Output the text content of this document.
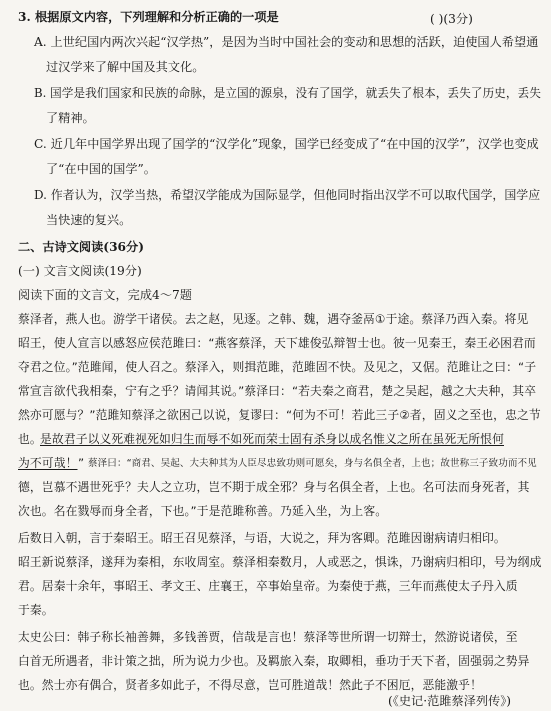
3. 根据原文内容，下列理解和分析正确的一项是	( )(3分)
A. 上世纪国内两次兴起“汉学热”，是因为当时中国社会的变动和思想的活跃，迫使国人希望通
过汉学来了解中国及其文化。
B. 国学是我们国家和民族的命脉，是立国的源泉，没有了国学，就丢失了根本，丢失了历史，丢失
了精神。
C. 近几年中国学界出现了国学的“汉学化”现象，国学已经变成了“在中国的汉学”，汉学也变成
了“在中国的国学”。
D. 作者认为，汉学当热，希望汉学能成为国际显学，但他同时指出汉学不可以取代国学，国学应
当快速的复兴。
二、古诗文阅读(36分)
(一) 文言文阅读(19分)
阅读下面的文言文，完成4～7题
蔡泽者，燕人也。游学干诸侯。去之赵，见逐。之韩、魏，遇夺釜鬲①于途。蔡泽乃西入秦。将见
昭王，使人宣言以感怒应侯范雎曰：“燕客蔡泽，天下雄俊弘辩智士也。彼一见秦王，秦王必困君而
夺君之位。”范雎闻，使人召之。蔡泽入，则揖范雎，范雎固不快。及见之，又倨。范雎让之曰：“子
常宣言欲代我相秦，宁有之乎？请闻其说。”蔡泽曰：“若夫秦之商君，楚之吴起，越之大夫种，其卒
然亦可愿与？”范雎知蔡泽之欲困己以说，复谬曰：“何为不可！若此三子②者，固义之至也，忠之节
也。
是故君子以义死难视死如归生而辱不如死而荣士固有杀身以成名惟义之所在虽死无所恨何
为不可哉！ ” 蔡泽曰：“商君、吴起、大夫种其为人臣尽忠致功则可愿矣，身与名俱全者，上也；故世称三子致功而不见
德，岂慕不遇世死乎？夫人之立功，岂不期于成全邪？身与名俱全者，上也。名可法而身死者，其
次也。名在戮辱而身全者，下也。”于是范雎称善。乃延入坐，为上客。
后数日入朝，言于秦昭王。昭王召见蔡泽，与语，大说之，拜为客卿。范雎因谢病请归相印。
昭王新说蔡泽，遂拜为秦相，东收周室。蔡泽相秦数月，人或恶之，惧诛，乃谢病归相印，号为纲成
君。居秦十余年，事昭王、孝文王、庄襄王，卒事始皇帝。为秦使于燕，三年而燕使太子丹入质
于秦。
太史公曰：韩子称长袖善舞，多钱善贾，信哉是言也！蔡泽等世所谓一切辩士，然游说诸侯，至
白首无所遇者，非计策之拙，所为说力少也。及羁旅入秦，取卿相，垂功于天下者，固强弱之势异
也。然士亦有偶合，贤者多如此子，不得尽意，岂可胜道哉！然此子不困厄，恶能激乎！
(《史记·范雎蔡泽列传》)
